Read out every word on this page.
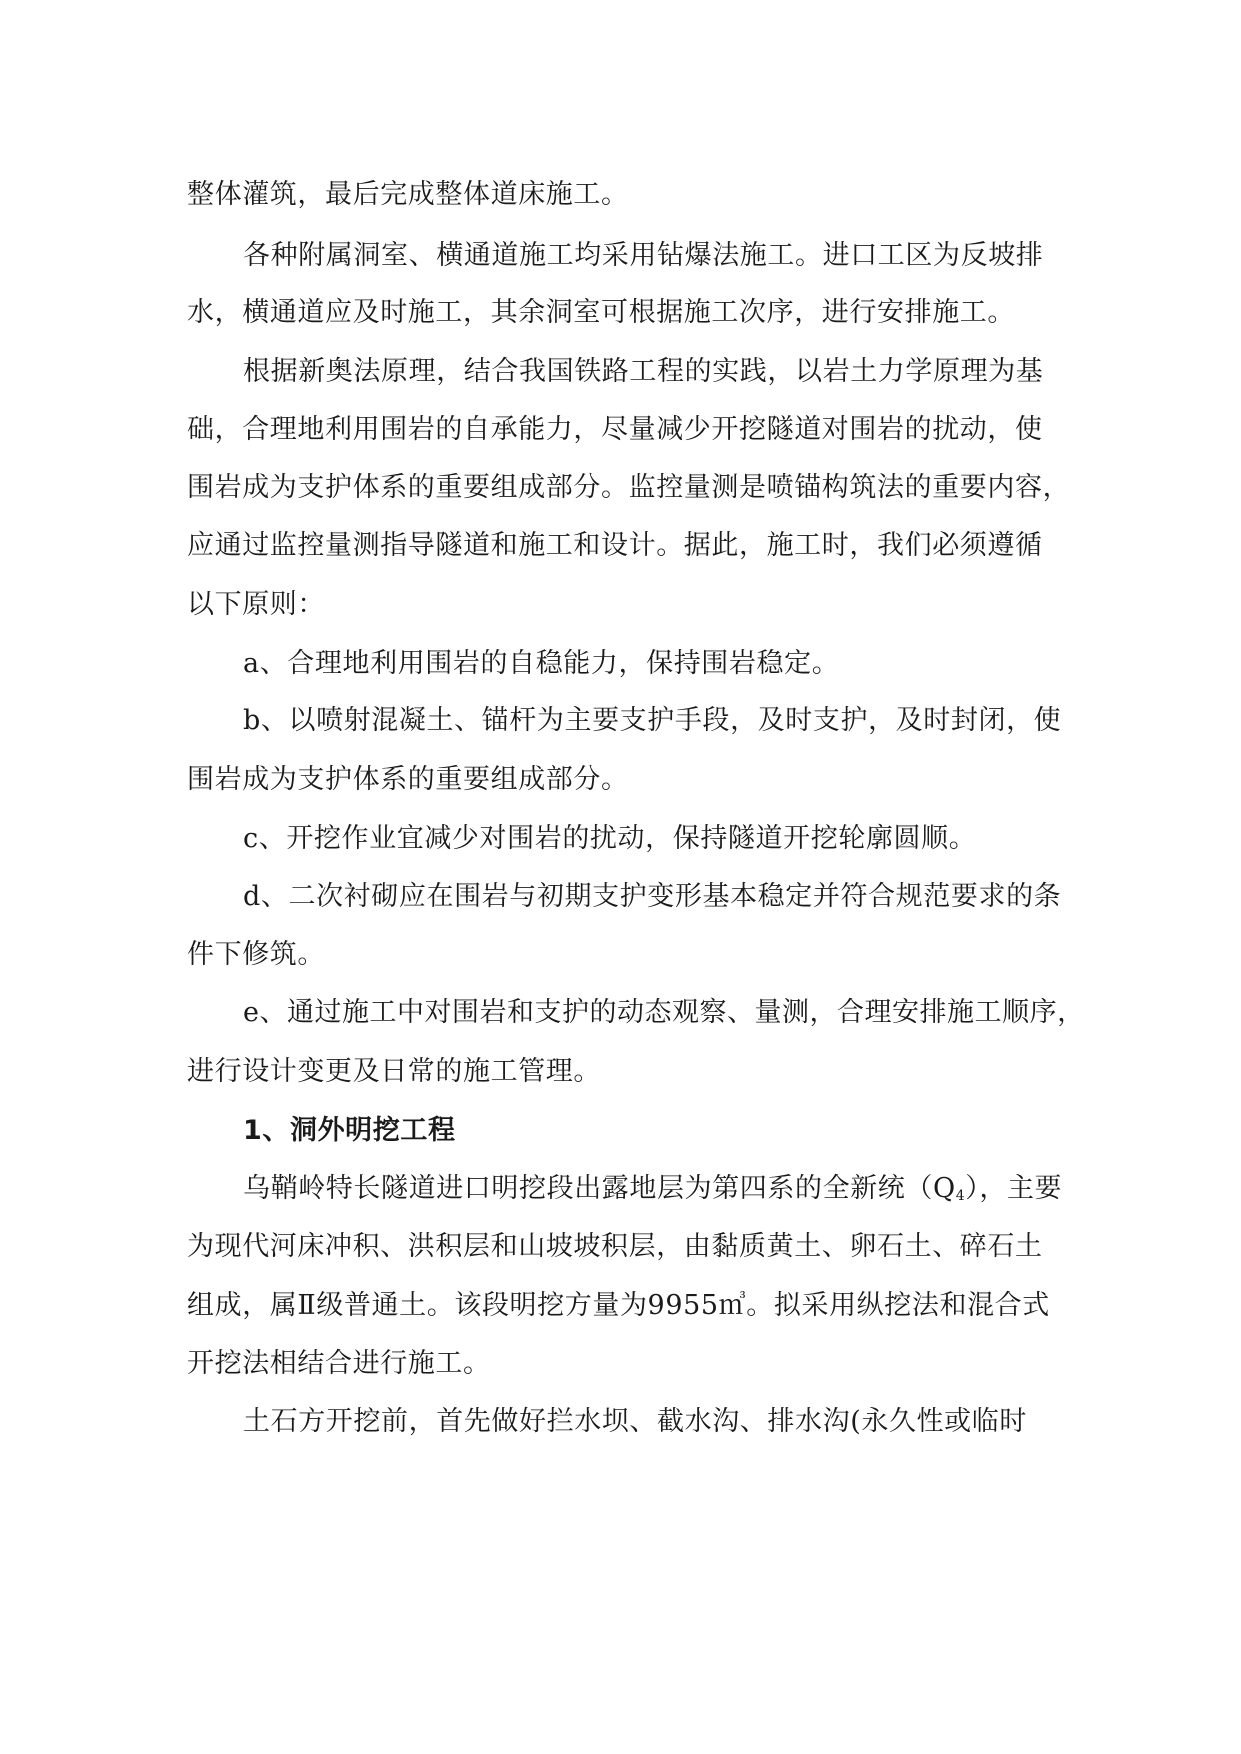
整体灌筑，最后完成整体道床施工。
各种附属洞室、横通道施工均采用钻爆法施工。进口工区为反坡排
水，横通道应及时施工，其余洞室可根据施工次序，进行安排施工。
根据新奥法原理，结合我国铁路工程的实践，以岩土力学原理为基
础，合理地利用围岩的自承能力，尽量减少开挖隧道对围岩的扰动，使
围岩成为支护体系的重要组成部分。监控量测是喷锚构筑法的重要内容，
应通过监控量测指导隧道和施工和设计。据此，施工时，我们必须遵循
以下原则：
a、合理地利用围岩的自稳能力，保持围岩稳定。
b、以喷射混凝土、锚杆为主要支护手段，及时支护，及时封闭，使
围岩成为支护体系的重要组成部分。
c、开挖作业宜减少对围岩的扰动，保持隧道开挖轮廓圆顺。
d、二次衬砌应在围岩与初期支护变形基本稳定并符合规范要求的条
件下修筑。
e、通过施工中对围岩和支护的动态观察、量测，合理安排施工顺序，
进行设计变更及日常的施工管理。
1、洞外明挖工程
乌鞘岭特长隧道进口明挖段出露地层为第四系的全新统$(Q_4)$，主要
为现代河床冲积、洪积层和山坡坡积层，由黏质黄土、卵石土、碎石土
组成，属Ⅱ级普通土。该段明挖方量为9955㎥。拟采用纵挖法和混合式
开挖法相结合进行施工。
土石方开挖前，首先做好拦水坝、截水沟、排水沟(永久性或临时
